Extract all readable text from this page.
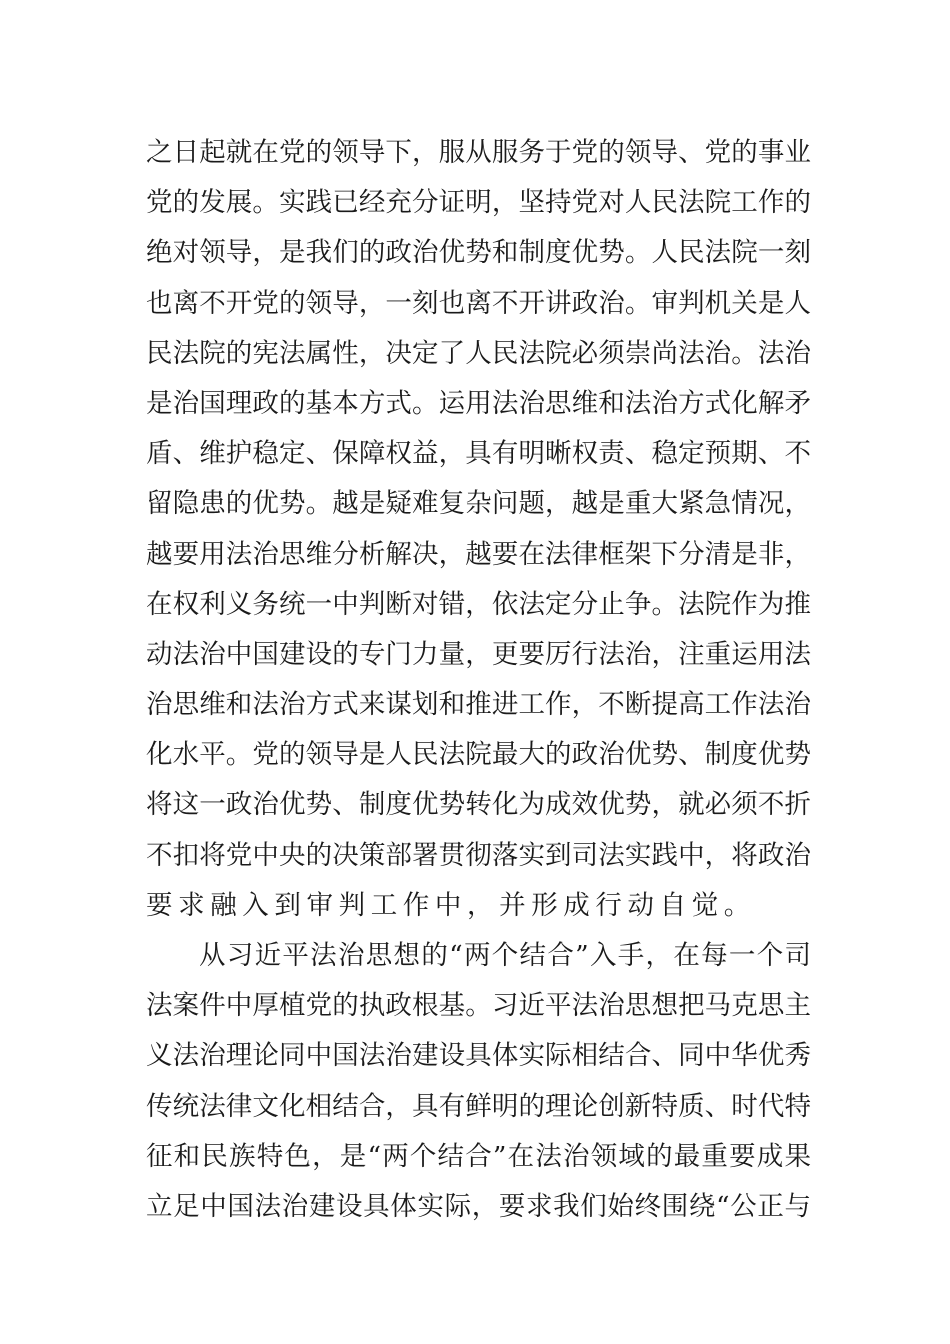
之日起就在党的领导下，服从服务于党的领导、党的事业
党的发展。实践已经充分证明，坚持党对人民法院工作的
绝对领导，是我们的政治优势和制度优势。人民法院一刻
也离不开党的领导，一刻也离不开讲政治。审判机关是人
民法院的宪法属性，决定了人民法院必须崇尚法治。法治
是治国理政的基本方式。运用法治思维和法治方式化解矛
盾、维护稳定、保障权益，具有明晰权责、稳定预期、不
留隐患的优势。越是疑难复杂问题，越是重大紧急情况，
越要用法治思维分析解决，越要在法律框架下分清是非，
在权利义务统一中判断对错，依法定分止争。法院作为推
动法治中国建设的专门力量，更要厉行法治，注重运用法
治思维和法治方式来谋划和推进工作，不断提高工作法治
化水平。党的领导是人民法院最大的政治优势、制度优势
将这一政治优势、制度优势转化为成效优势，就必须不折
不扣将党中央的决策部署贯彻落实到司法实践中，将政治
要求融入到审判工作中，并形成行动自觉。
从习近平法治思想的“两个结合”入手，在每一个司
法案件中厚植党的执政根基。习近平法治思想把马克思主
义法治理论同中国法治建设具体实际相结合、同中华优秀
传统法律文化相结合，具有鲜明的理论创新特质、时代特
征和民族特色，是“两个结合”在法治领域的最重要成果
立足中国法治建设具体实际，要求我们始终围绕“公正与
